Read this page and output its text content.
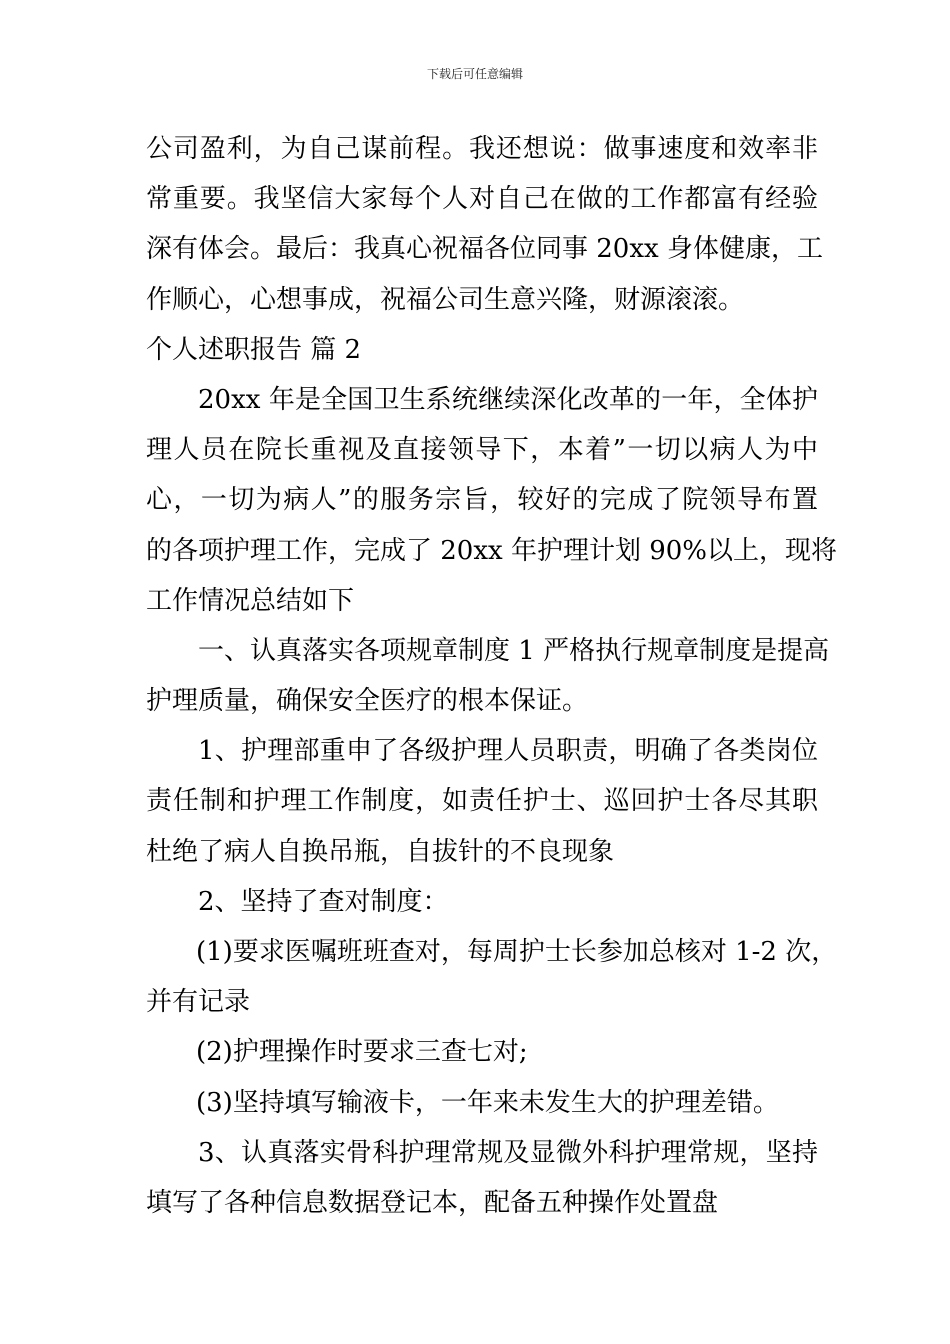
下载后可任意编辑
公司盈利，为自己谋前程。我还想说：做事速度和效率非
常重要。我坚信大家每个人对自己在做的工作都富有经验
深有体会。最后：我真心祝福各位同事 20xx 身体健康，工
作顺心，心想事成，祝福公司生意兴隆，财源滚滚。
个人述职报告 篇 2
20xx 年是全国卫生系统继续深化改革的一年，全体护
理人员在院长重视及直接领导下，本着”一切以病人为中
心，一切为病人”的服务宗旨，较好的完成了院领导布置
的各项护理工作，完成了 20xx 年护理计划 90%以上，现将
工作情况总结如下
一、认真落实各项规章制度 1 严格执行规章制度是提高
护理质量，确保安全医疗的根本保证。
1、护理部重申了各级护理人员职责，明确了各类岗位
责任制和护理工作制度，如责任护士、巡回护士各尽其职
杜绝了病人自换吊瓶，自拔针的不良现象
2、坚持了查对制度：
(1)要求医嘱班班查对，每周护士长参加总核对 1-2 次，
并有记录
(2)护理操作时要求三查七对;
(3)坚持填写输液卡，一年来未发生大的护理差错。
3、认真落实骨科护理常规及显微外科护理常规，坚持
填写了各种信息数据登记本，配备五种操作处置盘
